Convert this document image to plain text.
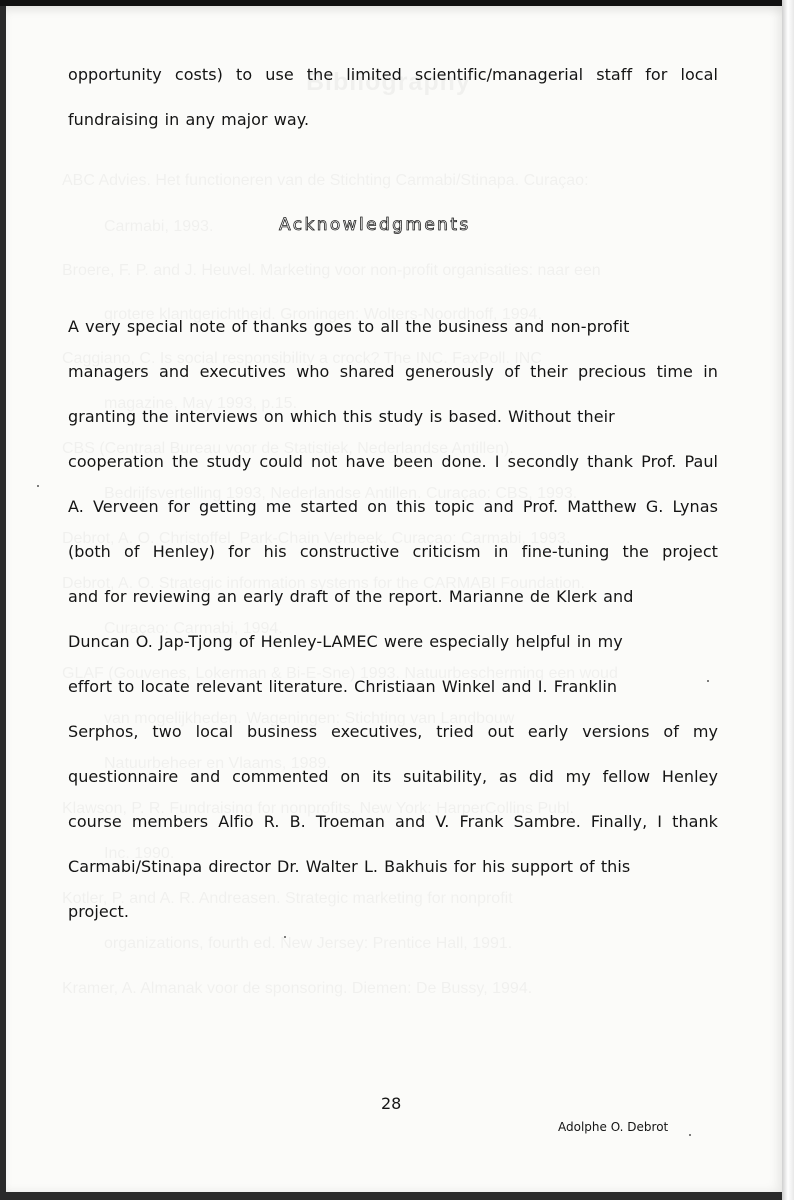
opportunity costs) to use the limited scientific/managerial staff for local
fundraising in any major way.
Acknowledgments
A very special note of thanks goes to all the business and non-profit
managers and executives who shared generously of their precious time in
granting the interviews on which this study is based. Without their
cooperation the study could not have been done. I secondly thank Prof. Paul
A. Verveen for getting me started on this topic and Prof. Matthew G. Lynas
(both of Henley) for his constructive criticism in fine-tuning the project
and for reviewing an early draft of the report. Marianne de Klerk and
Duncan O. Jap-Tjong of Henley-LAMEC were especially helpful in my
effort to locate relevant literature. Christiaan Winkel and I. Franklin
Serphos, two local business executives, tried out early versions of my
questionnaire and commented on its suitability, as did my fellow Henley
course members Alfio R. B. Troeman and V. Frank Sambre. Finally, I thank
Carmabi/Stinapa director Dr. Walter L. Bakhuis for his support of this
project.
28
Adolphe O. Debrot
